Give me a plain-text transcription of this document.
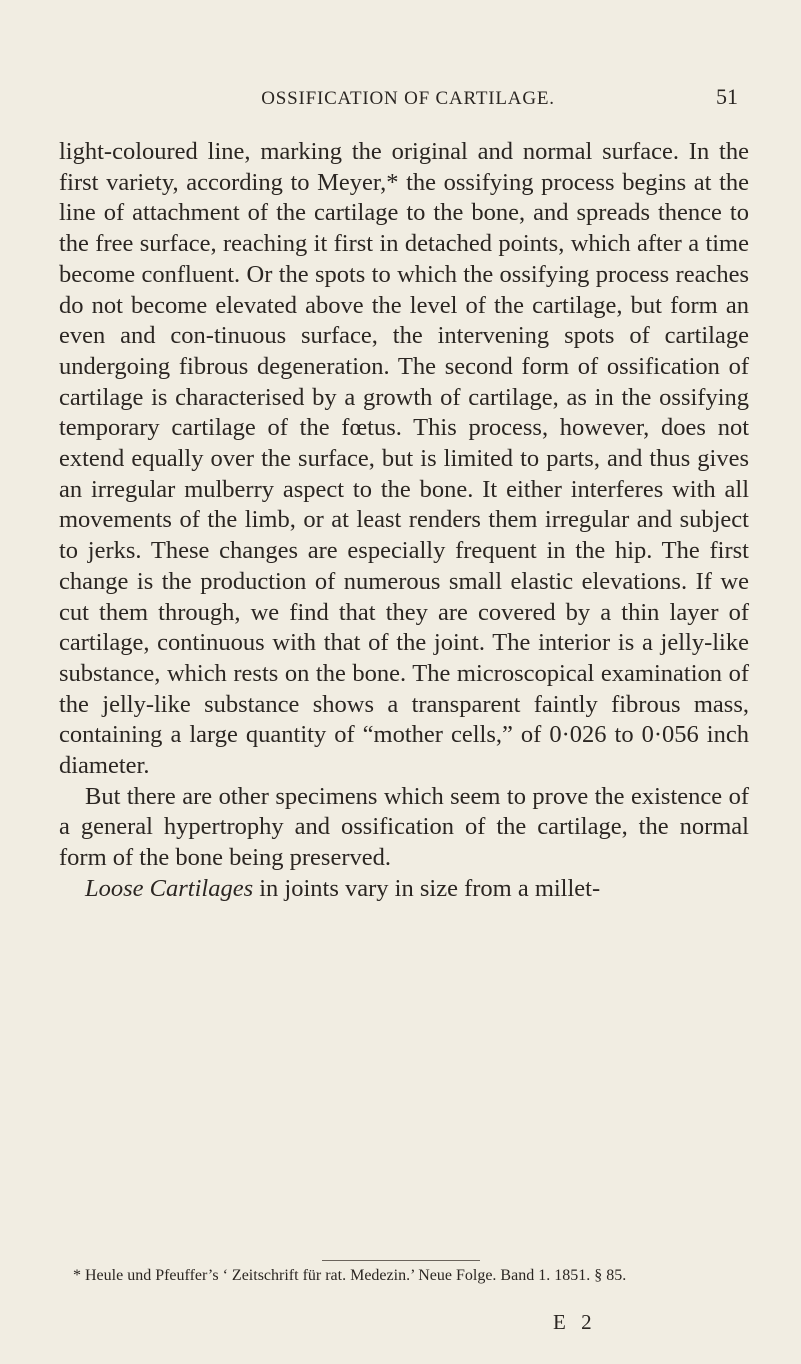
OSSIFICATION OF CARTILAGE.	51

light-coloured line, marking the original and normal surface. In the first variety, according to Meyer,* the ossifying process begins at the line of attachment of the cartilage to the bone, and spreads thence to the free surface, reaching it first in detached points, which after a time become confluent. Or the spots to which the ossifying process reaches do not become elevated above the level of the cartilage, but form an even and con-tinuous surface, the intervening spots of cartilage undergoing fibrous degeneration. The second form of ossification of cartilage is characterised by a growth of cartilage, as in the ossifying temporary cartilage of the fœtus. This process, however, does not extend equally over the surface, but is limited to parts, and thus gives an irregular mulberry aspect to the bone. It either interferes with all movements of the limb, or at least renders them irregular and subject to jerks. These changes are especially frequent in the hip. The first change is the production of numerous small elastic elevations. If we cut them through, we find that they are covered by a thin layer of cartilage, continuous with that of the joint. The interior is a jelly-like substance, which rests on the bone. The microscopical examination of the jelly-like substance shows a transparent faintly fibrous mass, containing a large quantity of “mother cells,” of 0·026 to 0·056 inch diameter.

But there are other specimens which seem to prove the existence of a general hypertrophy and ossification of the cartilage, the normal form of the bone being preserved.

Loose Cartilages in joints vary in size from a millet-

* Heule und Pfeuffer’s ‘ Zeitschrift für rat. Medezin.’ Neue Folge. Band 1. 1851. § 85.

E 2
